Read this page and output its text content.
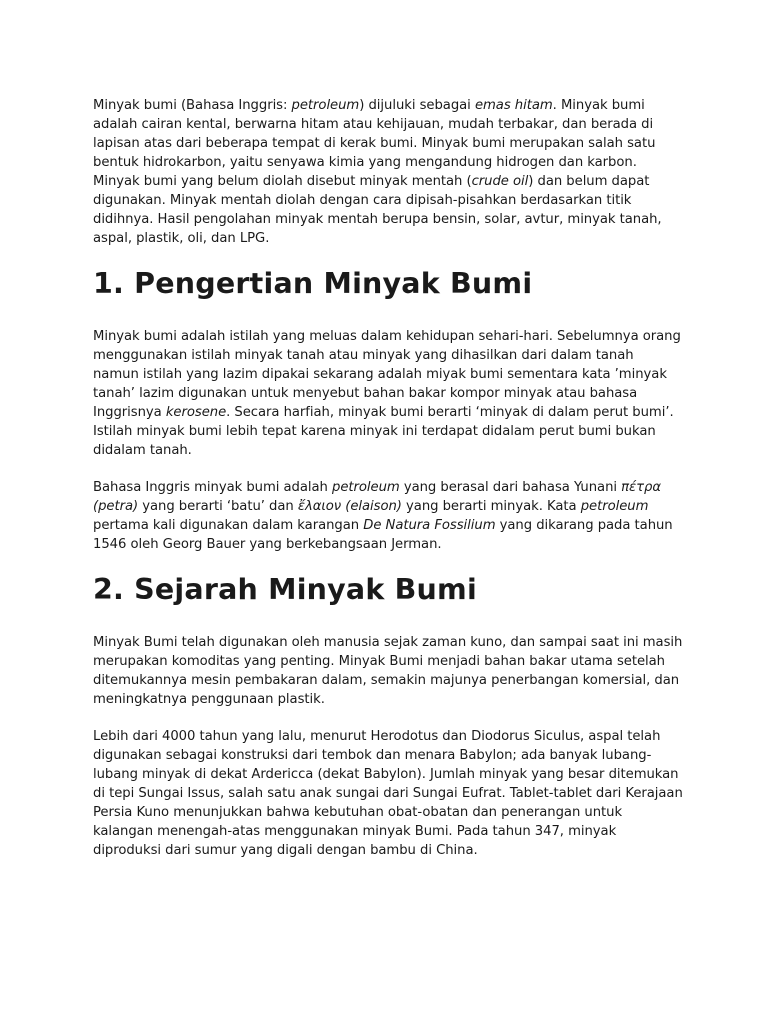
Minyak bumi (Bahasa Inggris: petroleum) dijuluki sebagai emas hitam. Minyak bumi adalah cairan kental, berwarna hitam atau kehijauan, mudah terbakar, dan berada di lapisan atas dari beberapa tempat di kerak bumi. Minyak bumi merupakan salah satu bentuk hidrokarbon, yaitu senyawa kimia yang mengandung hidrogen dan karbon. Minyak bumi yang belum diolah disebut minyak mentah (crude oil) dan belum dapat digunakan. Minyak mentah diolah dengan cara dipisah-pisahkan berdasarkan titik didihnya. Hasil pengolahan minyak mentah berupa bensin, solar, avtur, minyak tanah, aspal, plastik, oli, dan LPG.

1. Pengertian Minyak Bumi

Minyak bumi adalah istilah yang meluas dalam kehidupan sehari-hari. Sebelumnya orang menggunakan istilah minyak tanah atau minyak yang dihasilkan dari dalam tanah namun istilah yang lazim dipakai sekarang adalah miyak bumi sementara kata ’minyak tanah’ lazim digunakan untuk menyebut bahan bakar kompor minyak atau bahasa Inggrisnya kerosene. Secara harfiah, minyak bumi berarti ‘minyak di dalam perut bumi’. Istilah minyak bumi lebih tepat karena minyak ini terdapat didalam perut bumi bukan didalam tanah.

Bahasa Inggris minyak bumi adalah petroleum yang berasal dari bahasa Yunani πέτρα (petra) yang berarti ‘batu’ dan ἔλαιον (elaison) yang berarti minyak. Kata petroleum pertama kali digunakan dalam karangan De Natura Fossilium yang dikarang pada tahun 1546 oleh Georg Bauer yang berkebangsaan Jerman.

2. Sejarah Minyak Bumi

Minyak Bumi telah digunakan oleh manusia sejak zaman kuno, dan sampai saat ini masih merupakan komoditas yang penting. Minyak Bumi menjadi bahan bakar utama setelah ditemukannya mesin pembakaran dalam, semakin majunya penerbangan komersial, dan meningkatnya penggunaan plastik.

Lebih dari 4000 tahun yang lalu, menurut Herodotus dan Diodorus Siculus, aspal telah digunakan sebagai konstruksi dari tembok dan menara Babylon; ada banyak lubang-lubang minyak di dekat Ardericca (dekat Babylon). Jumlah minyak yang besar ditemukan di tepi Sungai Issus, salah satu anak sungai dari Sungai Eufrat. Tablet-tablet dari Kerajaan Persia Kuno menunjukkan bahwa kebutuhan obat-obatan dan penerangan untuk kalangan menengah-atas menggunakan minyak Bumi. Pada tahun 347, minyak diproduksi dari sumur yang digali dengan bambu di China.
